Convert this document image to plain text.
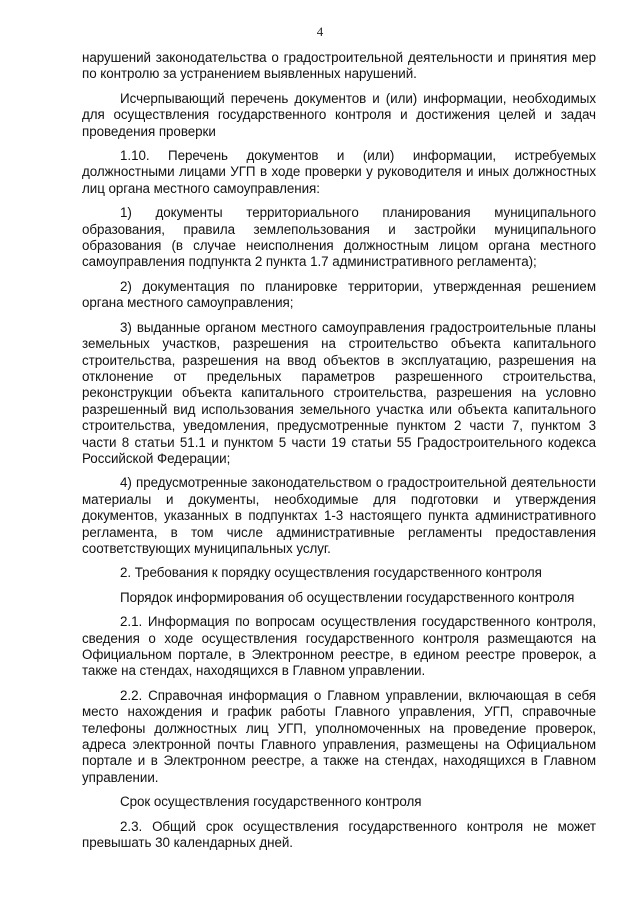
4

нарушений законодательства о градостроительной деятельности и принятия мер по контролю за устранением выявленных нарушений.

Исчерпывающий перечень документов и (или) информации, необходимых для осуществления государственного контроля и достижения целей и задач проведения проверки

1.10. Перечень документов и (или) информации, истребуемых должностными лицами УГП в ходе проверки у руководителя и иных должностных лиц органа местного самоуправления:

1) документы территориального планирования муниципального образования, правила землепользования и застройки муниципального образования (в случае неисполнения должностным лицом органа местного самоуправления подпункта 2 пункта 1.7 административного регламента);

2) документация по планировке территории, утвержденная решением органа местного самоуправления;

3) выданные органом местного самоуправления градостроительные планы земельных участков, разрешения на строительство объекта капитального строительства, разрешения на ввод объектов в эксплуатацию, разрешения на отклонение от предельных параметров разрешенного строительства, реконструкции объекта капитального строительства, разрешения на условно разрешенный вид использования земельного участка или объекта капитального строительства, уведомления, предусмотренные пунктом 2 части 7, пунктом 3 части 8 статьи 51.1 и пунктом 5 части 19 статьи 55 Градостроительного кодекса Российской Федерации;

4) предусмотренные законодательством о градостроительной деятельности материалы и документы, необходимые для подготовки и утверждения документов, указанных в подпунктах 1-3 настоящего пункта административного регламента, в том числе административные регламенты предоставления соответствующих муниципальных услуг.

2. Требования к порядку осуществления государственного контроля

Порядок информирования об осуществлении государственного контроля

2.1. Информация по вопросам осуществления государственного контроля, сведения о ходе осуществления государственного контроля размещаются на Официальном портале, в Электронном реестре, в едином реестре проверок, а также на стендах, находящихся в Главном управлении.

2.2. Справочная информация о Главном управлении, включающая в себя место нахождения и график работы Главного управления, УГП, справочные телефоны должностных лиц УГП, уполномоченных на проведение проверок, адреса электронной почты Главного управления, размещены на Официальном портале и в Электронном реестре, а также на стендах, находящихся в Главном управлении.

Срок осуществления государственного контроля

2.3. Общий срок осуществления государственного контроля не может превышать 30 календарных дней.
